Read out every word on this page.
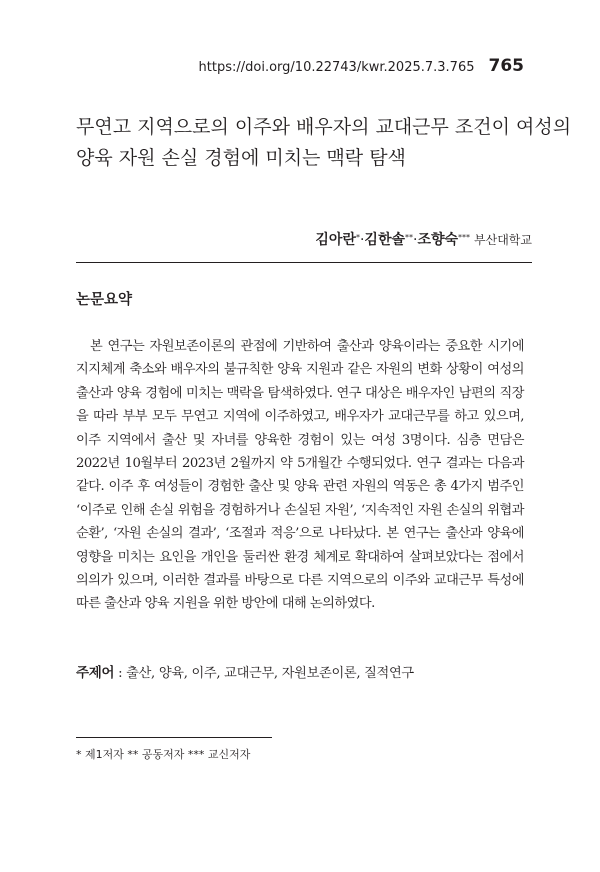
https://doi.org/10.22743/kwr.2025.7.3.765 765
무연고 지역으로의 이주와 배우자의 교대근무 조건이 여성의
양육 자원 손실 경험에 미치는 맥락 탐색
김아란*·김한솔**·조향숙*** 부산대학교
논문요약

본 연구는 자원보존이론의 관점에 기반하여 출산과 양육이라는 중요한 시기에 지지체계 축소와 배우자의 불규칙한 양육 지원과 같은 자원의 변화 상황이 여성의 출산과 양육 경험에 미치는 맥락을 탐색하였다. 연구 대상은 배우자인 남편의 직장을 따라 부부 모두 무연고 지역에 이주하였고, 배우자가 교대근무를 하고 있으며, 이주 지역에서 출산 및 자녀를 양육한 경험이 있는 여성 3명이다. 심층 면담은 2022년 10월부터 2023년 2월까지 약 5개월간 수행되었다. 연구 결과는 다음과 같다. 이주 후 여성들이 경험한 출산 및 양육 관련 자원의 역동은 총 4가지 범주인 ‘이주로 인해 손실 위험을 경험하거나 손실된 자원’, ‘지속적인 자원 손실의 위협과 순환’, ‘자원 손실의 결과’, ‘조절과 적응’으로 나타났다. 본 연구는 출산과 양육에 영향을 미치는 요인을 개인을 둘러싼 환경 체계로 확대하여 살펴보았다는 점에서 의의가 있으며, 이러한 결과를 바탕으로 다른 지역으로의 이주와 교대근무 특성에 따른 출산과 양육 지원을 위한 방안에 대해 논의하였다.

주제어 : 출산, 양육, 이주, 교대근무, 자원보존이론, 질적연구
* 제1저자 ** 공동저자 *** 교신저자
